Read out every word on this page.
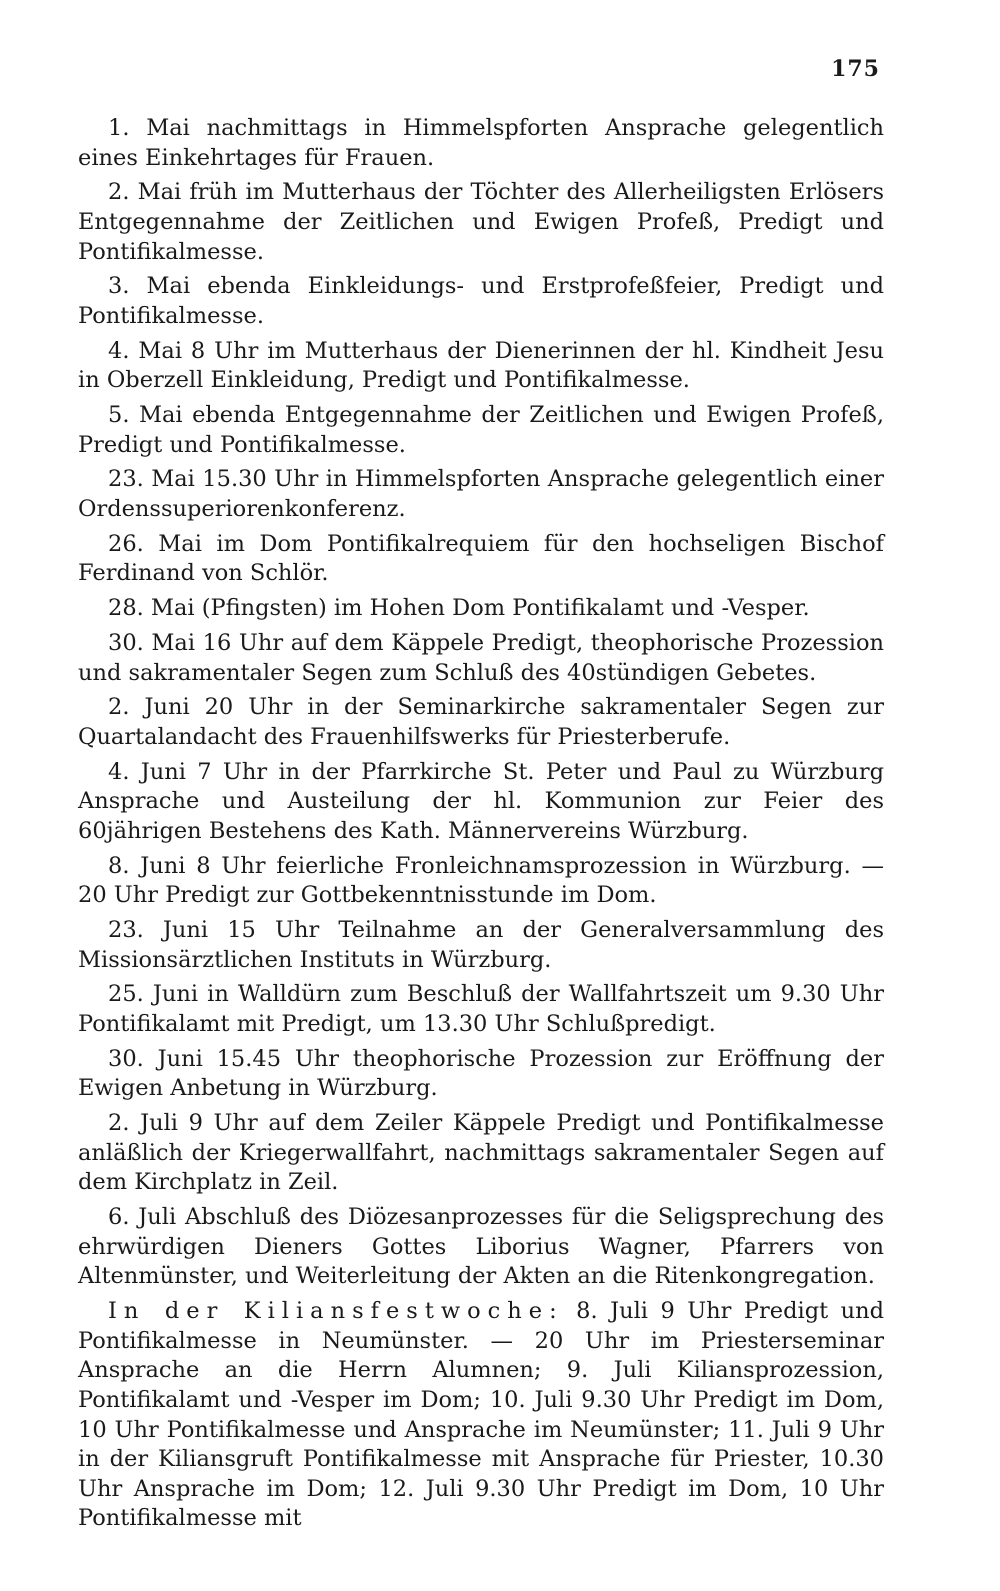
175

1. Mai nachmittags in Himmelspforten Ansprache gelegentlich eines Einkehrtages für Frauen.

2. Mai früh im Mutterhaus der Töchter des Allerheiligsten Erlösers Entgegennahme der Zeitlichen und Ewigen Profeß, Predigt und Pontifikalmesse.

3. Mai ebenda Einkleidungs- und Erstprofeßfeier, Predigt und Pontifikalmesse.

4. Mai 8 Uhr im Mutterhaus der Dienerinnen der hl. Kindheit Jesu in Oberzell Einkleidung, Predigt und Pontifikalmesse.

5. Mai ebenda Entgegennahme der Zeitlichen und Ewigen Profeß, Predigt und Pontifikalmesse.

23. Mai 15.30 Uhr in Himmelspforten Ansprache gelegentlich einer Ordenssuperiorenkonferenz.

26. Mai im Dom Pontifikalrequiem für den hochseligen Bischof Ferdinand von Schlör.

28. Mai (Pfingsten) im Hohen Dom Pontifikalamt und -Vesper.

30. Mai 16 Uhr auf dem Käppele Predigt, theophorische Prozession und sakramentaler Segen zum Schluß des 40stündigen Gebetes.

2. Juni 20 Uhr in der Seminarkirche sakramentaler Segen zur Quartalandacht des Frauenhilfswerks für Priesterberufe.

4. Juni 7 Uhr in der Pfarrkirche St. Peter und Paul zu Würzburg Ansprache und Austeilung der hl. Kommunion zur Feier des 60jährigen Bestehens des Kath. Männervereins Würzburg.

8. Juni 8 Uhr feierliche Fronleichnamsprozession in Würzburg. — 20 Uhr Predigt zur Gottbekenntnisstunde im Dom.

23. Juni 15 Uhr Teilnahme an der Generalversammlung des Missionsärztlichen Instituts in Würzburg.

25. Juni in Walldürn zum Beschluß der Wallfahrtszeit um 9.30 Uhr Pontifikalamt mit Predigt, um 13.30 Uhr Schlußpredigt.

30. Juni 15.45 Uhr theophorische Prozession zur Eröffnung der Ewigen Anbetung in Würzburg.

2. Juli 9 Uhr auf dem Zeiler Käppele Predigt und Pontifikalmesse anläßlich der Kriegerwallfahrt, nachmittags sakramentaler Segen auf dem Kirchplatz in Zeil.

6. Juli Abschluß des Diözesanprozesses für die Seligsprechung des ehrwürdigen Dieners Gottes Liborius Wagner, Pfarrers von Altenmünster, und Weiterleitung der Akten an die Ritenkongregation.

In der Kiliansfestwoche: 8. Juli 9 Uhr Predigt und Pontifikalmesse in Neumünster. — 20 Uhr im Priesterseminar Ansprache an die Herrn Alumnen; 9. Juli Kiliansprozession, Pontifikalamt und -Vesper im Dom; 10. Juli 9.30 Uhr Predigt im Dom, 10 Uhr Pontifikalmesse und Ansprache im Neumünster; 11. Juli 9 Uhr in der Kiliansgruft Pontifikalmesse mit Ansprache für Priester, 10.30 Uhr Ansprache im Dom; 12. Juli 9.30 Uhr Predigt im Dom, 10 Uhr Pontifikalmesse mit
